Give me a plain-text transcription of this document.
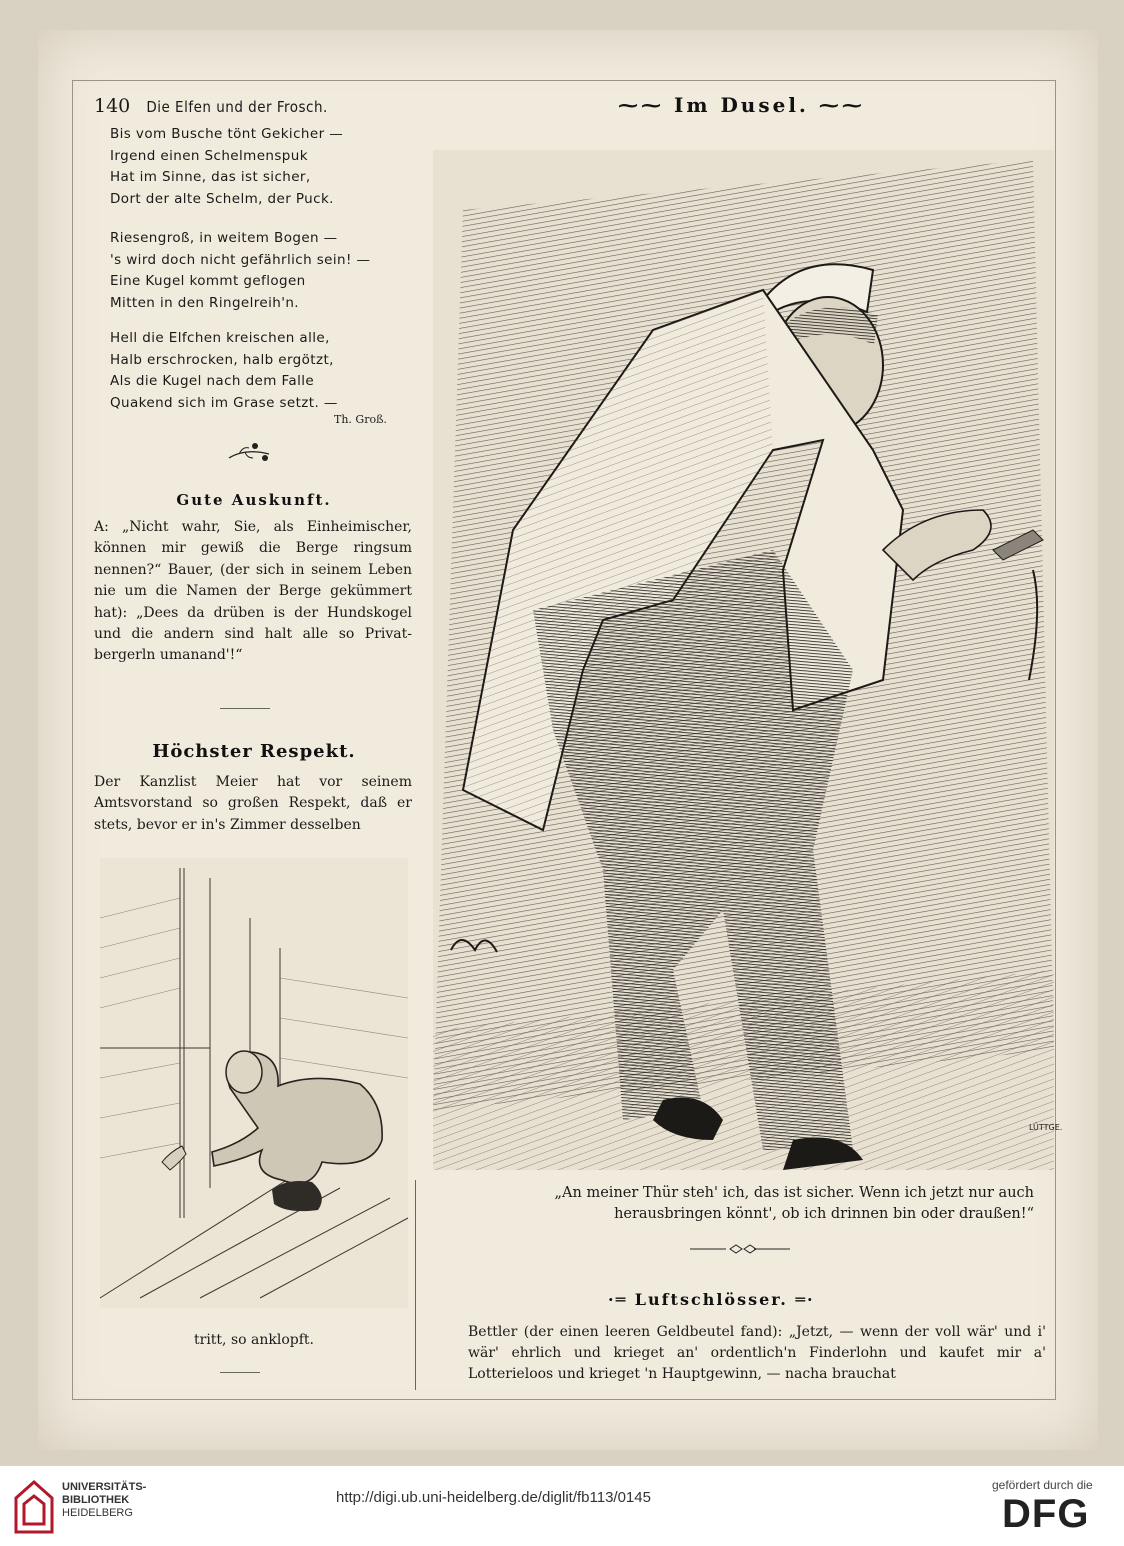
140 Die Elfen und der Frosch.
Bis vom Busche tönt Gekicher —
Irgend einen Schelmenspuk
Hat im Sinne, das ist sicher,
Dort der alte Schelm, der Puck.
Riesengroß, in weitem Bogen —
's wird doch nicht gefährlich sein! —
Eine Kugel kommt geflogen
Mitten in den Ringelreih'n.
Hell die Elfchen kreischen alle,
Halb erschrocken, halb ergötzt,
Als die Kugel nach dem Falle
Quakend sich im Grase setzt. —
Th. Groß.
Gute Auskunft.
A: „Nicht wahr, Sie, als Einheimischer, können mir gewiß die Berge ringsum nennen?“ Bauer, (der sich in seinem Leben nie um die Namen der Berge gekümmert hat): „Dees da drüben is der Hundskogel und die andern sind halt alle so Privat-bergerln umanand'!“
Höchster Respekt.
Der Kanzlist Meier hat vor seinem Amtsvorstand so großen Respekt, daß er stets, bevor er in's Zimmer desselben
tritt, so anklopft.
⁓⁓ Im Dusel. ⁓⁓
LÜTTGE.
„An meiner Thür steh' ich, das ist sicher. Wenn ich jetzt nur auch herausbringen könnt', ob ich drinnen bin oder draußen!“
·═ Luftschlösser. ═·
Bettler (der einen leeren Geldbeutel fand): „Jetzt, — wenn der voll wär' und i' wär' ehrlich und krieget an' ordentlich'n Finderlohn und kaufet mir a' Lotterieloos und krieget 'n Hauptgewinn, — nacha brauchat
UNIVERSITÄTS-
BIBLIOTHEK
HEIDELBERG
http://digi.ub.uni-heidelberg.de/diglit/fb113/0145
gefördert durch die
DFG
